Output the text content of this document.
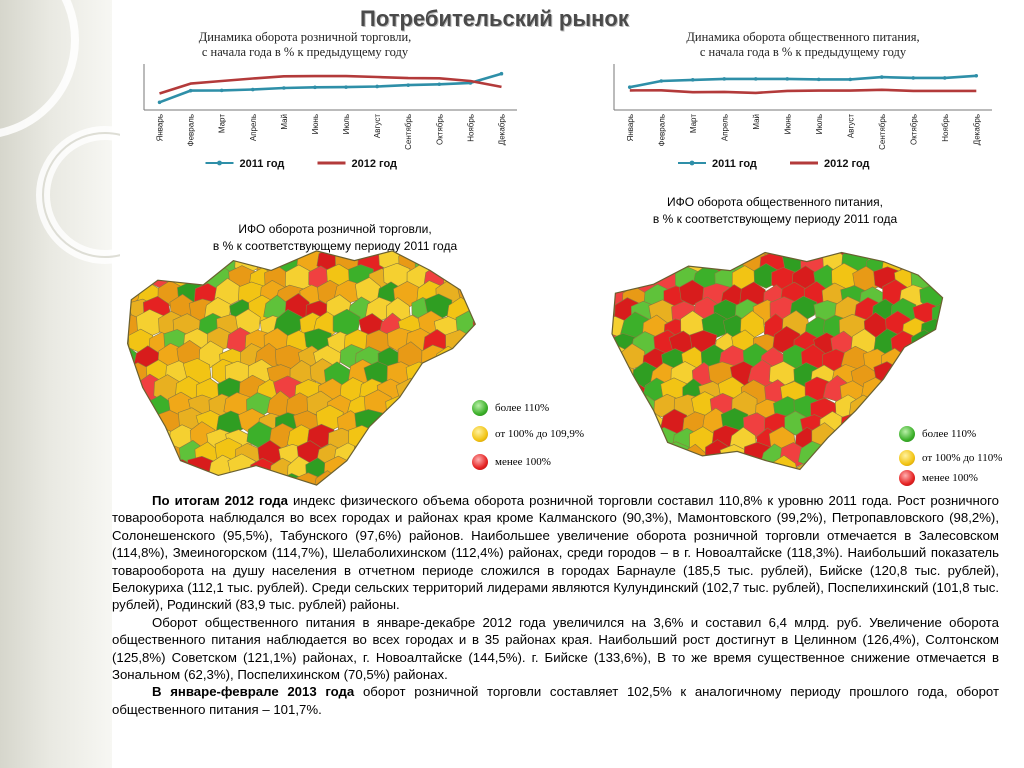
Потребительский рынок
Динамика оборота розничной торговли,
с начала года в % к предыдущему году
Январь	Февраль	Март	Апрель	Май	Июнь	Июль	Август	Сентябрь	Октябрь	Ноябрь	Декабрь
2011 год	2012 год
Динамика оборота общественного питания,
с начала года в % к предыдущему году
Январь	Февраль	Март	Апрель	Май	Июнь	Июль	Август	Сентябрь	Октябрь	Ноябрь	Декабрь
2011 год	2012 год
ИФО оборота розничной торговли,
в % к соответствующему периоду 2011 года
ИФО оборота общественного питания,
в % к соответствующему периоду 2011 года
более 110%
от 100% до 109,9%
менее 100%
более 110%
от 100% до 110%
менее 100%

По итогам 2012 года индекс физического объема оборота розничной торговли составил 110,8% к уровню 2011 года. Рост розничного товарооборота наблюдался во всех городах и районах края кроме Калманского (90,3%), Мамонтовского (99,2%), Петропавловского (98,2%), Солонешенского (95,5%), Табунского (97,6%) районов. Наибольшее увеличение оборота розничной торговли отмечается в Залесовском (114,8%), Змеиногорском (114,7%), Шелаболихинском (112,4%) районах, среди городов – в г. Новоалтайске (118,3%). Наибольший показатель товарооборота на душу населения в отчетном периоде сложился в городах Барнауле (185,5 тыс. рублей), Бийске (120,8 тыс. рублей), Белокуриха (112,1 тыс. рублей). Среди сельских территорий лидерами являются Кулундинский (102,7 тыс. рублей), Поспелихинский (101,8 тыс. рублей), Родинский (83,9 тыс. рублей) районы.

Оборот общественного питания в январе-декабре 2012 года увеличился на 3,6% и составил 6,4 млрд. руб. Увеличение оборота общественного питания наблюдается во всех городах и в 35 районах края. Наибольший рост достигнут в Целинном (126,4%), Солтонском (125,8%) Советском (121,1%) районах, г. Новоалтайске (144,5%). г. Бийске (133,6%), В то же время существенное снижение отмечается в Зональном (62,3%), Поспелихинском (70,5%) районах.

В январе-феврале 2013 года оборот розничной торговли составляет 102,5% к аналогичному периоду прошлого года, оборот общественного питания – 101,7%.
